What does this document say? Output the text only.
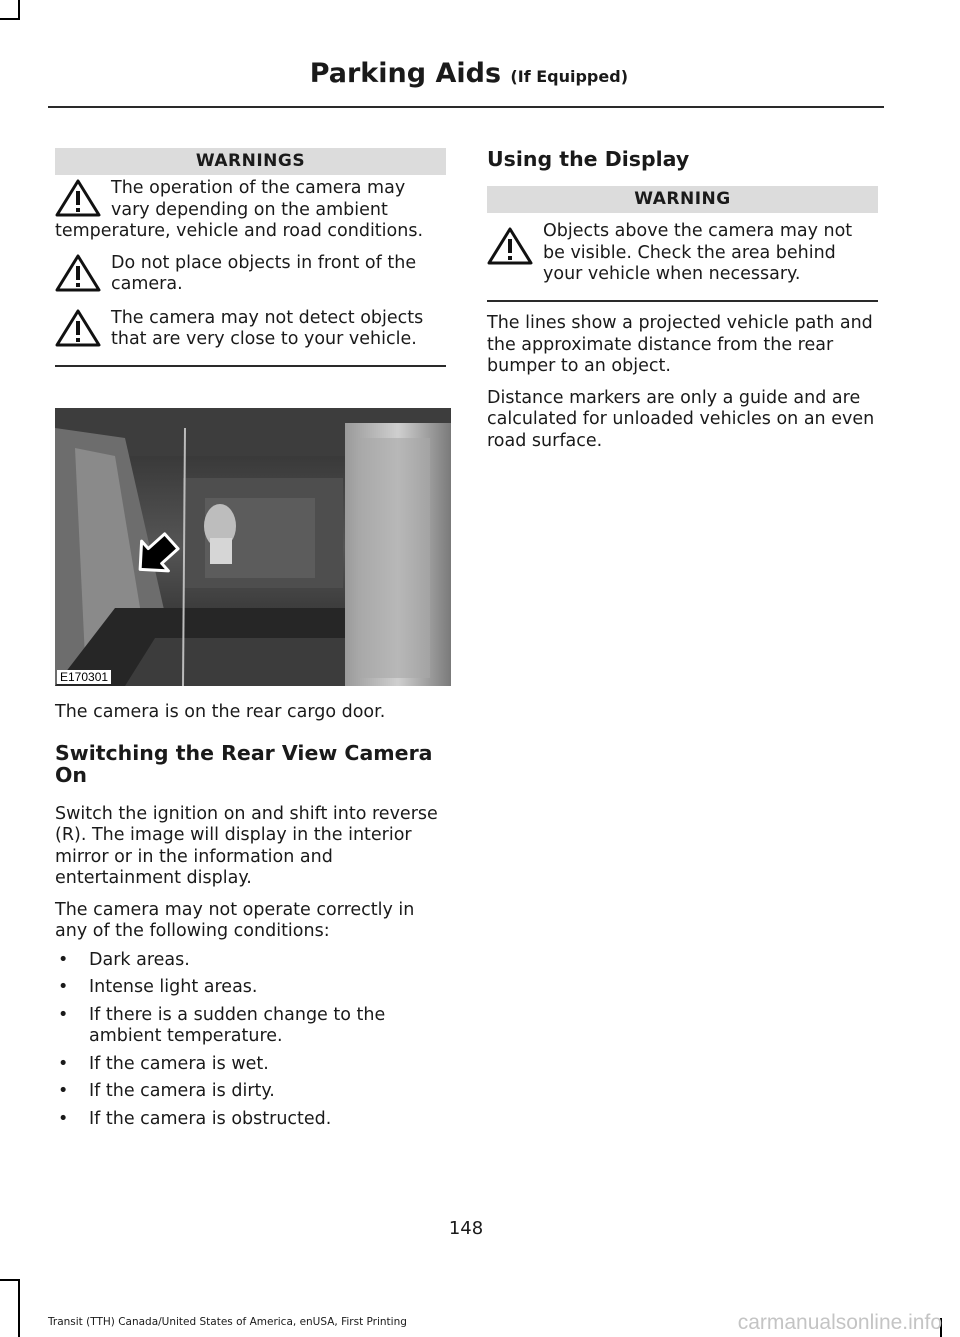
Parking Aids (If Equipped)
WARNINGS

The operation of the camera may vary depending on the ambient temperature, vehicle and road conditions.

Do not place objects in front of the camera.

The camera may not detect objects that are very close to your vehicle.

E170301

The camera is on the rear cargo door.

Switching the Rear View Camera On

Switch the ignition on and shift into reverse (R). The image will display in the interior mirror or in the information and entertainment display.

The camera may not operate correctly in any of the following conditions:

• Dark areas.
• Intense light areas.
• If there is a sudden change to the ambient temperature.
• If the camera is wet.
• If the camera is dirty.
• If the camera is obstructed.
Using the Display
WARNING

Objects above the camera may not be visible. Check the area behind your vehicle when necessary.

The lines show a projected vehicle path and the approximate distance from the rear bumper to an object.

Distance markers are only a guide and are calculated for unloaded vehicles on an even road surface.

148
Transit (TTH) Canada/United States of America, enUSA, First Printing	carmanualsonline.info
